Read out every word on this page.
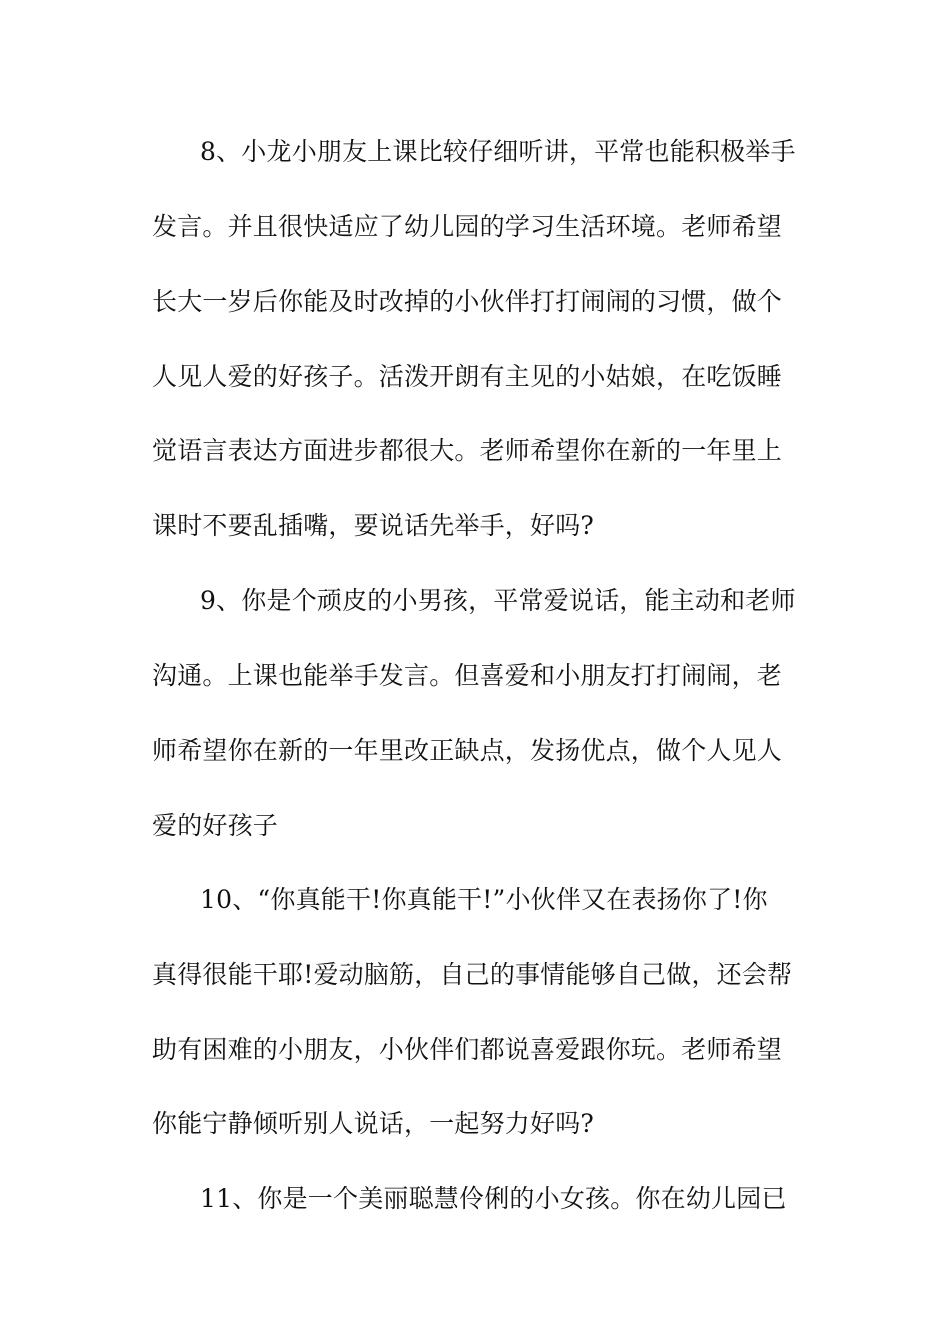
8、小龙小朋友上课比较仔细听讲，平常也能积极举手
发言。并且很快适应了幼儿园的学习生活环境。老师希望
长大一岁后你能及时改掉的小伙伴打打闹闹的习惯，做个
人见人爱的好孩子。活泼开朗有主见的小姑娘，在吃饭睡
觉语言表达方面进步都很大。老师希望你在新的一年里上
课时不要乱插嘴，要说话先举手，好吗?
9、你是个顽皮的小男孩，平常爱说话，能主动和老师
沟通。上课也能举手发言。但喜爱和小朋友打打闹闹，老
师希望你在新的一年里改正缺点，发扬优点，做个人见人
爱的好孩子
10、“你真能干!你真能干!”小伙伴又在表扬你了!你
真得很能干耶!爱动脑筋，自己的事情能够自己做，还会帮
助有困难的小朋友，小伙伴们都说喜爱跟你玩。老师希望
你能宁静倾听别人说话，一起努力好吗?
11、你是一个美丽聪慧伶俐的小女孩。你在幼儿园已
